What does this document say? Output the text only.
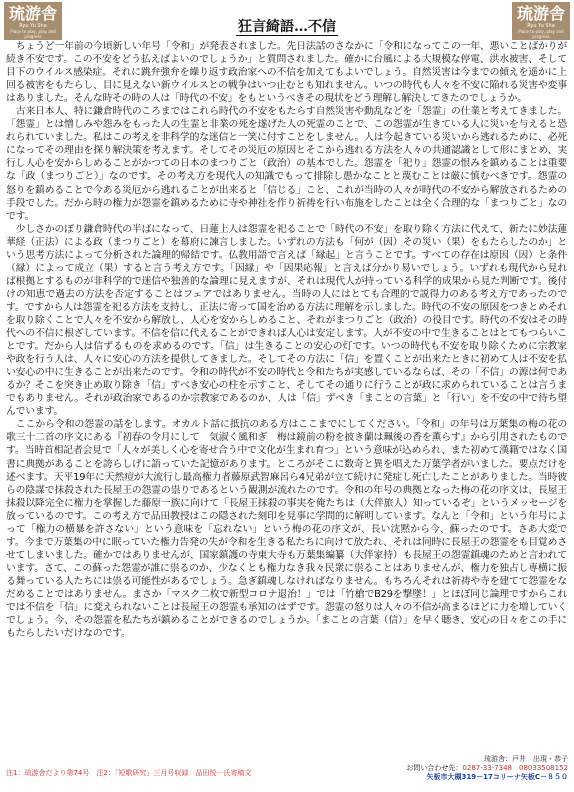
琉游舎
Ryu Yu Sha
Place to play, play and progress
琉游舎
Ryu Yu Sha
Place to play, play and progress
狂言綺語…不信

ちょうど一年前の今頃新しい年号「令和」が発表されました。先日法話のさなかに「令和になってこの一年、悪いことばかりが続き不安です。この不安をどう払えばよいのでしょうか」と質問されました。確かに台風による大規模な停電、洪水被害、そして目下のウイルス感染症。それに跳弁強弁を繰り返す政治家への不信を加えてもよいでしょう。自然災害は今までの傾えを遥かに上回る被害をもたらし、目に見えない新ウイルスとの戦争はいつ止むとも知れません。いつの時代も人々を不安に陥れる災害や変事はありました。そんな時その時の人は「時代の不安」をもというべきその現状をどう理解し解決してきたのでしょうか。

古来日本人、特に鎌倉時代のころまではこれら時代の不安をもたらす自然災害や動乱などを「怨霊」の仕業と考えてきました。「怨霊」とは憎しみや怨みをもった人の生霊と非業の死を遂げた人の死霊のことで、この怨霊が生きている人に災いを与えると恐れられていました。私はこの考えを非科学的な迷信と一笑に付すことをしません。人は今起きている災いから逃れるために、必死になってその理由を探り解決策を考えます。そしてその災厄の原因とそこから逃れる方法を人々の共通認識として形にまとめ、実行し人心を安からしめることがかつての日本のまつりごと（政治）の基本でした。怨霊を「祀り」怨霊の恨みを鎮めることは重要な「政（まつりごと）」なのです。その考え方を現代人の知識でもって排除し愚かなことと蔑むことは厳に慎むべきです。怨霊の怒りを鎮めることで今ある災厄から逃れることが出来ると「信じる」こと、これが当時の人々が時代の不安から解放されるための手段でした。だから時の権力が怨霊を鎮めるために寺や神社を作り祈祷を行い布施をしたことは全く合理的な「まつりごと」なのです。

少しさかのぼり鎌倉時代の半ばになって、日蓮上人は怨霊を祀ることで「時代の不安」を取り除く方法に代えて、新たに妙法蓮華経（正法）による政（まつりごと）を幕府に諫言しました。いずれの方法も「何が（因）その災い（果）をもたらしたのか」という思考方法によって分析された論理的帰結です。仏教用語で言えば「縁起」と言うことです。すべての存在は原因（因）と条件（縁）によって成立（果）すると言う考え方です。「因縁」や「因果応報」と言えば分かり易いでしょう。いずれも現代から見れば根拠とするものが非科学的で迷信や独善的な論理に見えますが、それは現代人が持っている科学的成果から見た判断です。後付けの知恵で過去の方法を否定することはフェアではありません。当時の人にはとても合理的で説得力のある考え方であったのです。ですから人は怨霊を祀る方法を支持し、正法に寄って国を治める方法に理解を示しました。時代の不安の原因をつきとめそれを取り除くことで人々を不安から解放し、人心を安からしめること、それがまつりごと（政治）の役目です。時代の不安はその時代への不信に根ざしています。不信を信に代えることができれば人心は安定します。人が不安の中で生きることはとてもつらいことです。だから人は信ずるものを求めるのです。「信」は生きることの安心の灯です。いつの時代も不安を取り除くために宗教家や政を行う人は、人々に安心の方法を提供してきました。そしてその方法に「信」を置くことが出来たときに初めて人は不安を払い安心の中に生きることが出来たのです。令和の時代が不安の時代と令和たちが実感しているならば、その「不信」の源は何であるか？そこを突き止め取り除き「信」すべき安心の柱を示すこと、そしてその通りに行うことが政に求められていることは言うまでもありません。それが政治家であるのか宗教家であるのか、人は「信」ずべき「まことの言葉」と「行い」を不安の中で待ち望んでいます。

ここから令和の怨霊の話をします。オカルト話に抵抗のある方はここまでにしてください。「令和」の年号は万葉集の梅の花の歌三十二首の序文にある『初春の令月にして　気淑く風和ぎ　梅は鏡前の粉を披き蘭は珮後の香を薫らす』から引用されたものです。当時首相記者会見で「人々が美しく心を寄せ合う中で文化が生まれ育つ」という意味が込められ、また初めて漢籍ではなく国書に典拠があることを誇らしげに語っていた記憶があります。ところがそこに数奇と異を唱えた万葉学者がいました。要点だけを述べます。天平19年に天然痘が大流行し最高権力者藤原武智麻呂ら4兄弟が立て続けに発症し死亡したことがありました。当時彼らの陰謀で抹殺された長屋王の怨霊の祟りであるという観測が流れたのです。令和の年号の典拠となった梅の花の序文は、長屋王抹殺以降完全に権力を掌握した藤原一族に向けて「長屋王抹殺の事実を俺たちは（大伴旅人）知っているぞ」というメッセージを放っているのです。この考え方で品田教授はこの隠された刻印を見事に学問的に解明しています。なんと「令和」という年号によって「権力の横暴を許さない」という意味を「忘れない」という梅の花の序文が、長い沈黙から今、蘇ったのです。さあ大変です。今まで万葉集の中に眠っていた権力告発の失が令和を生きる私たちに向けて放たれ、それは同時に長屋王の怨霊をも目覚めさせてしまいました。確かではありませんが、国家鎮護の寺東大寺も万葉集編纂（大伴家持）も長屋王の怨霊鎮魂のためと言われています。さて、この蘇った怨霊が誰に祟るのか、少なくとも権力なき我々民衆に祟ることはありませんが、権力を独占し専横に振る舞っている人たちには祟る可能性があるでしょう。急ぎ鎮魂しなければなりません。もちろんそれは祈祷や寺を建てて怨霊をなだめることではありません。まさか「マスク二枚で新型コロナ退治！」では「竹槍でB29を撃墜！」とほぼ同じ論理ですからこれでは不信を「信」に変えられないことは長屋王の怨霊も承知のはずです。怨霊の怒りは人々の不信が高まるほどに力を増していくでしょう。今、その怨霊を私たちが鎮めることができるのでしょうか。「まことの言葉（信）」を早く聴き、安心の日々をこの手にもたらしたいだけなのです。

注1：琉游舎だより第74号　注2：「短歌研究」三月号収録　品田悦一氏寄稿文
琉游舎：戸井　出現・恭子
お問い合わせ先：0287-33-7348　08033508152
矢板市大槻319－17コリーナ矢板C－８５０
